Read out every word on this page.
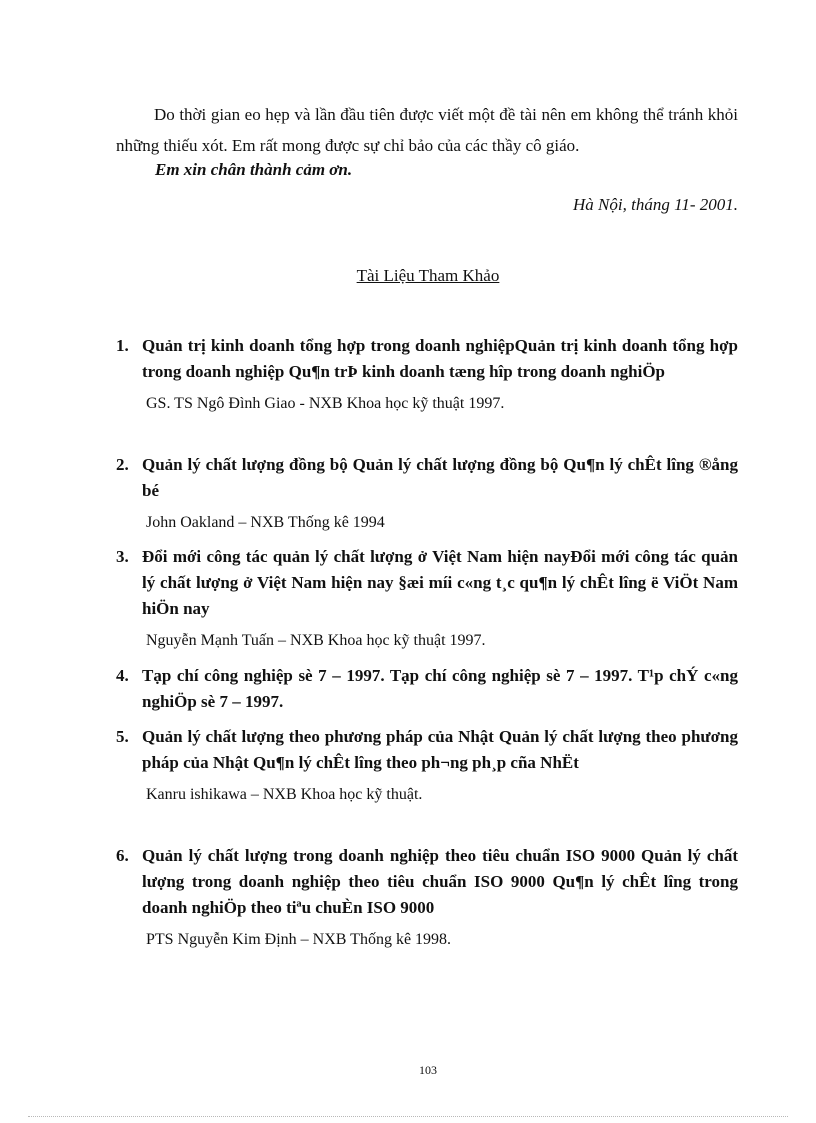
Do thời gian eo hẹp và lần đầu tiên được viết một đề tài nên em không thể tránh khỏi những thiếu xót. Em rất mong được sự chỉ bảo của các thầy cô giáo.

Em xin chân thành cảm ơn.

Hà Nội, tháng 11- 2001.

Tài Liệu Tham Khảo

1. Quản trị kinh doanh tổng hợp trong doanh nghiệpQuản trị kinh doanh tổng hợp trong doanh nghiệp Qu¶n trÞ kinh doanh tæng hîp trong doanh nghiÖp
GS. TS Ngô Đình Giao - NXB Khoa học kỹ thuật 1997.
2. Quản lý chất lượng đồng bộ Quản lý chất lượng đồng bộ Qu¶n lý chÊt lîng ®ång bé
John Oakland – NXB Thống kê 1994
3. Đổi mới công tác quản lý chất lượng ở Việt Nam hiện nayĐổi mới công tác quản lý chất lượng ở Việt Nam hiện nay §æi míi c«ng t¸c qu¶n lý chÊt lîng ë ViÖt Nam hiÖn nay
Nguyễn Mạnh Tuấn – NXB Khoa học kỹ thuật 1997.
4. Tạp chí công nghiệp sè 7 – 1997. Tạp chí công nghiệp sè 7 – 1997. T¹p chÝ c«ng nghiÖp sè 7 – 1997.
5. Quản lý chất lượng theo phương pháp của Nhật Quản lý chất lượng theo phương pháp của Nhật Qu¶n lý chÊt lîng theo ph¬ng ph¸p cña NhËt
Kanru ishikawa – NXB Khoa học kỹ thuật.
6. Quản lý chất lượng trong doanh nghiệp theo tiêu chuẩn ISO 9000 Quản lý chất lượng trong doanh nghiệp theo tiêu chuẩn ISO 9000 Qu¶n lý chÊt lîng trong doanh nghiÖp theo tiªu chuÈn ISO 9000
PTS Nguyễn Kim Định – NXB Thống kê 1998.

103
